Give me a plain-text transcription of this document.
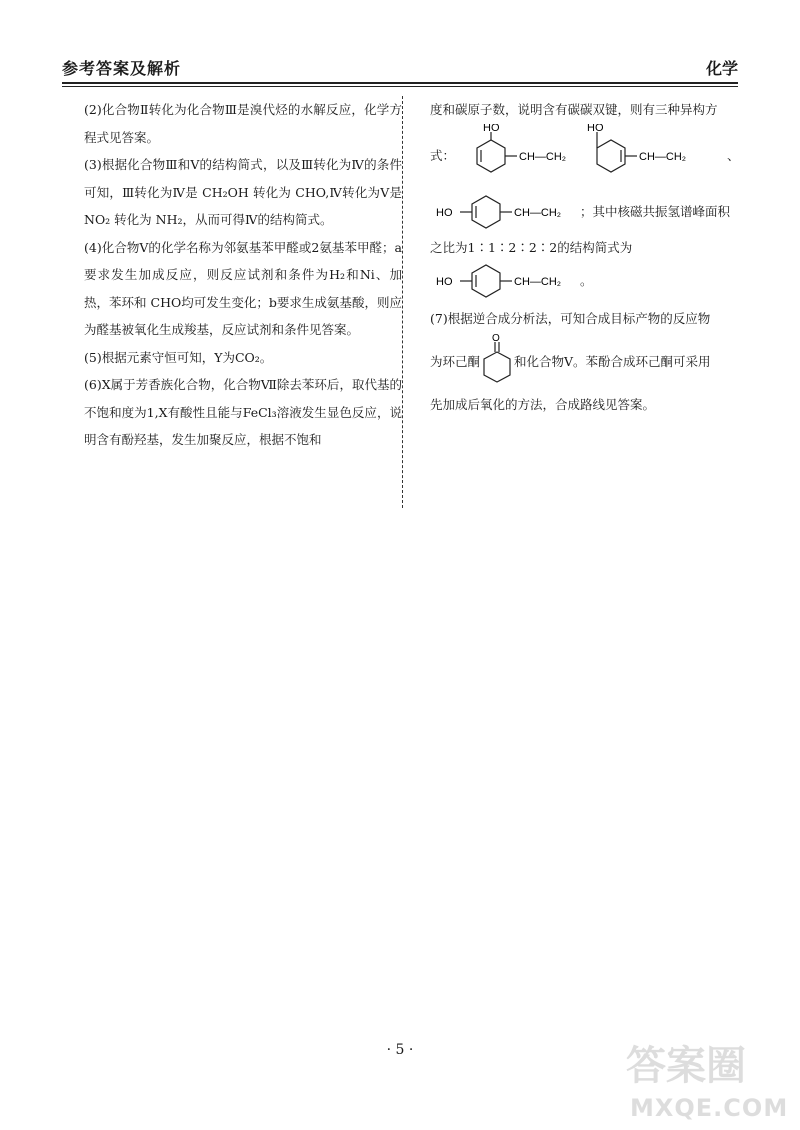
参考答案及解析	化学

(2)化合物Ⅱ转化为化合物Ⅲ是溴代烃的水解反应，化学方程式见答案。

(3)根据化合物Ⅲ和Ⅴ的结构简式，以及Ⅲ转化为Ⅳ的条件可知，Ⅲ转化为Ⅳ是 CH₂OH 转化为 CHO,Ⅳ转化为Ⅴ是 NO₂ 转化为 NH₂，从而可得Ⅳ的结构简式。

(4)化合物Ⅴ的化学名称为邻氨基苯甲醛或2氨基苯甲醛；a要求发生加成反应，则反应试剂和条件为H₂和Ni、加热，苯环和 CHO均可发生变化；b要求生成氨基酸，则应为醛基被氧化生成羧基，反应试剂和条件见答案。

(5)根据元素守恒可知，Y为CO₂。

(6)X属于芳香族化合物，化合物Ⅶ除去苯环后，取代基的不饱和度为1,X有酸性且能与FeCl₃溶液发生显色反应，说明含有酚羟基，发生加聚反应，根据不饱和

度和碳原子数，说明含有碳碳双键，则有三种异构方

式：
HO
CH—CH₂
HO
CH—CH₂	、
HO	CH—CH₂ ；其中核磁共振氢谱峰面积

之比为1∶1∶2∶2∶2的结构简式为

HO	CH—CH₂ 。

(7)根据逆合成分析法，可知合成目标产物的反应物

为环己酮
O
和化合物Ⅴ。苯酚合成环己酮可采用

先加成后氧化的方法，合成路线见答案。

· 5 ·	答案圈
MXQE.COM
